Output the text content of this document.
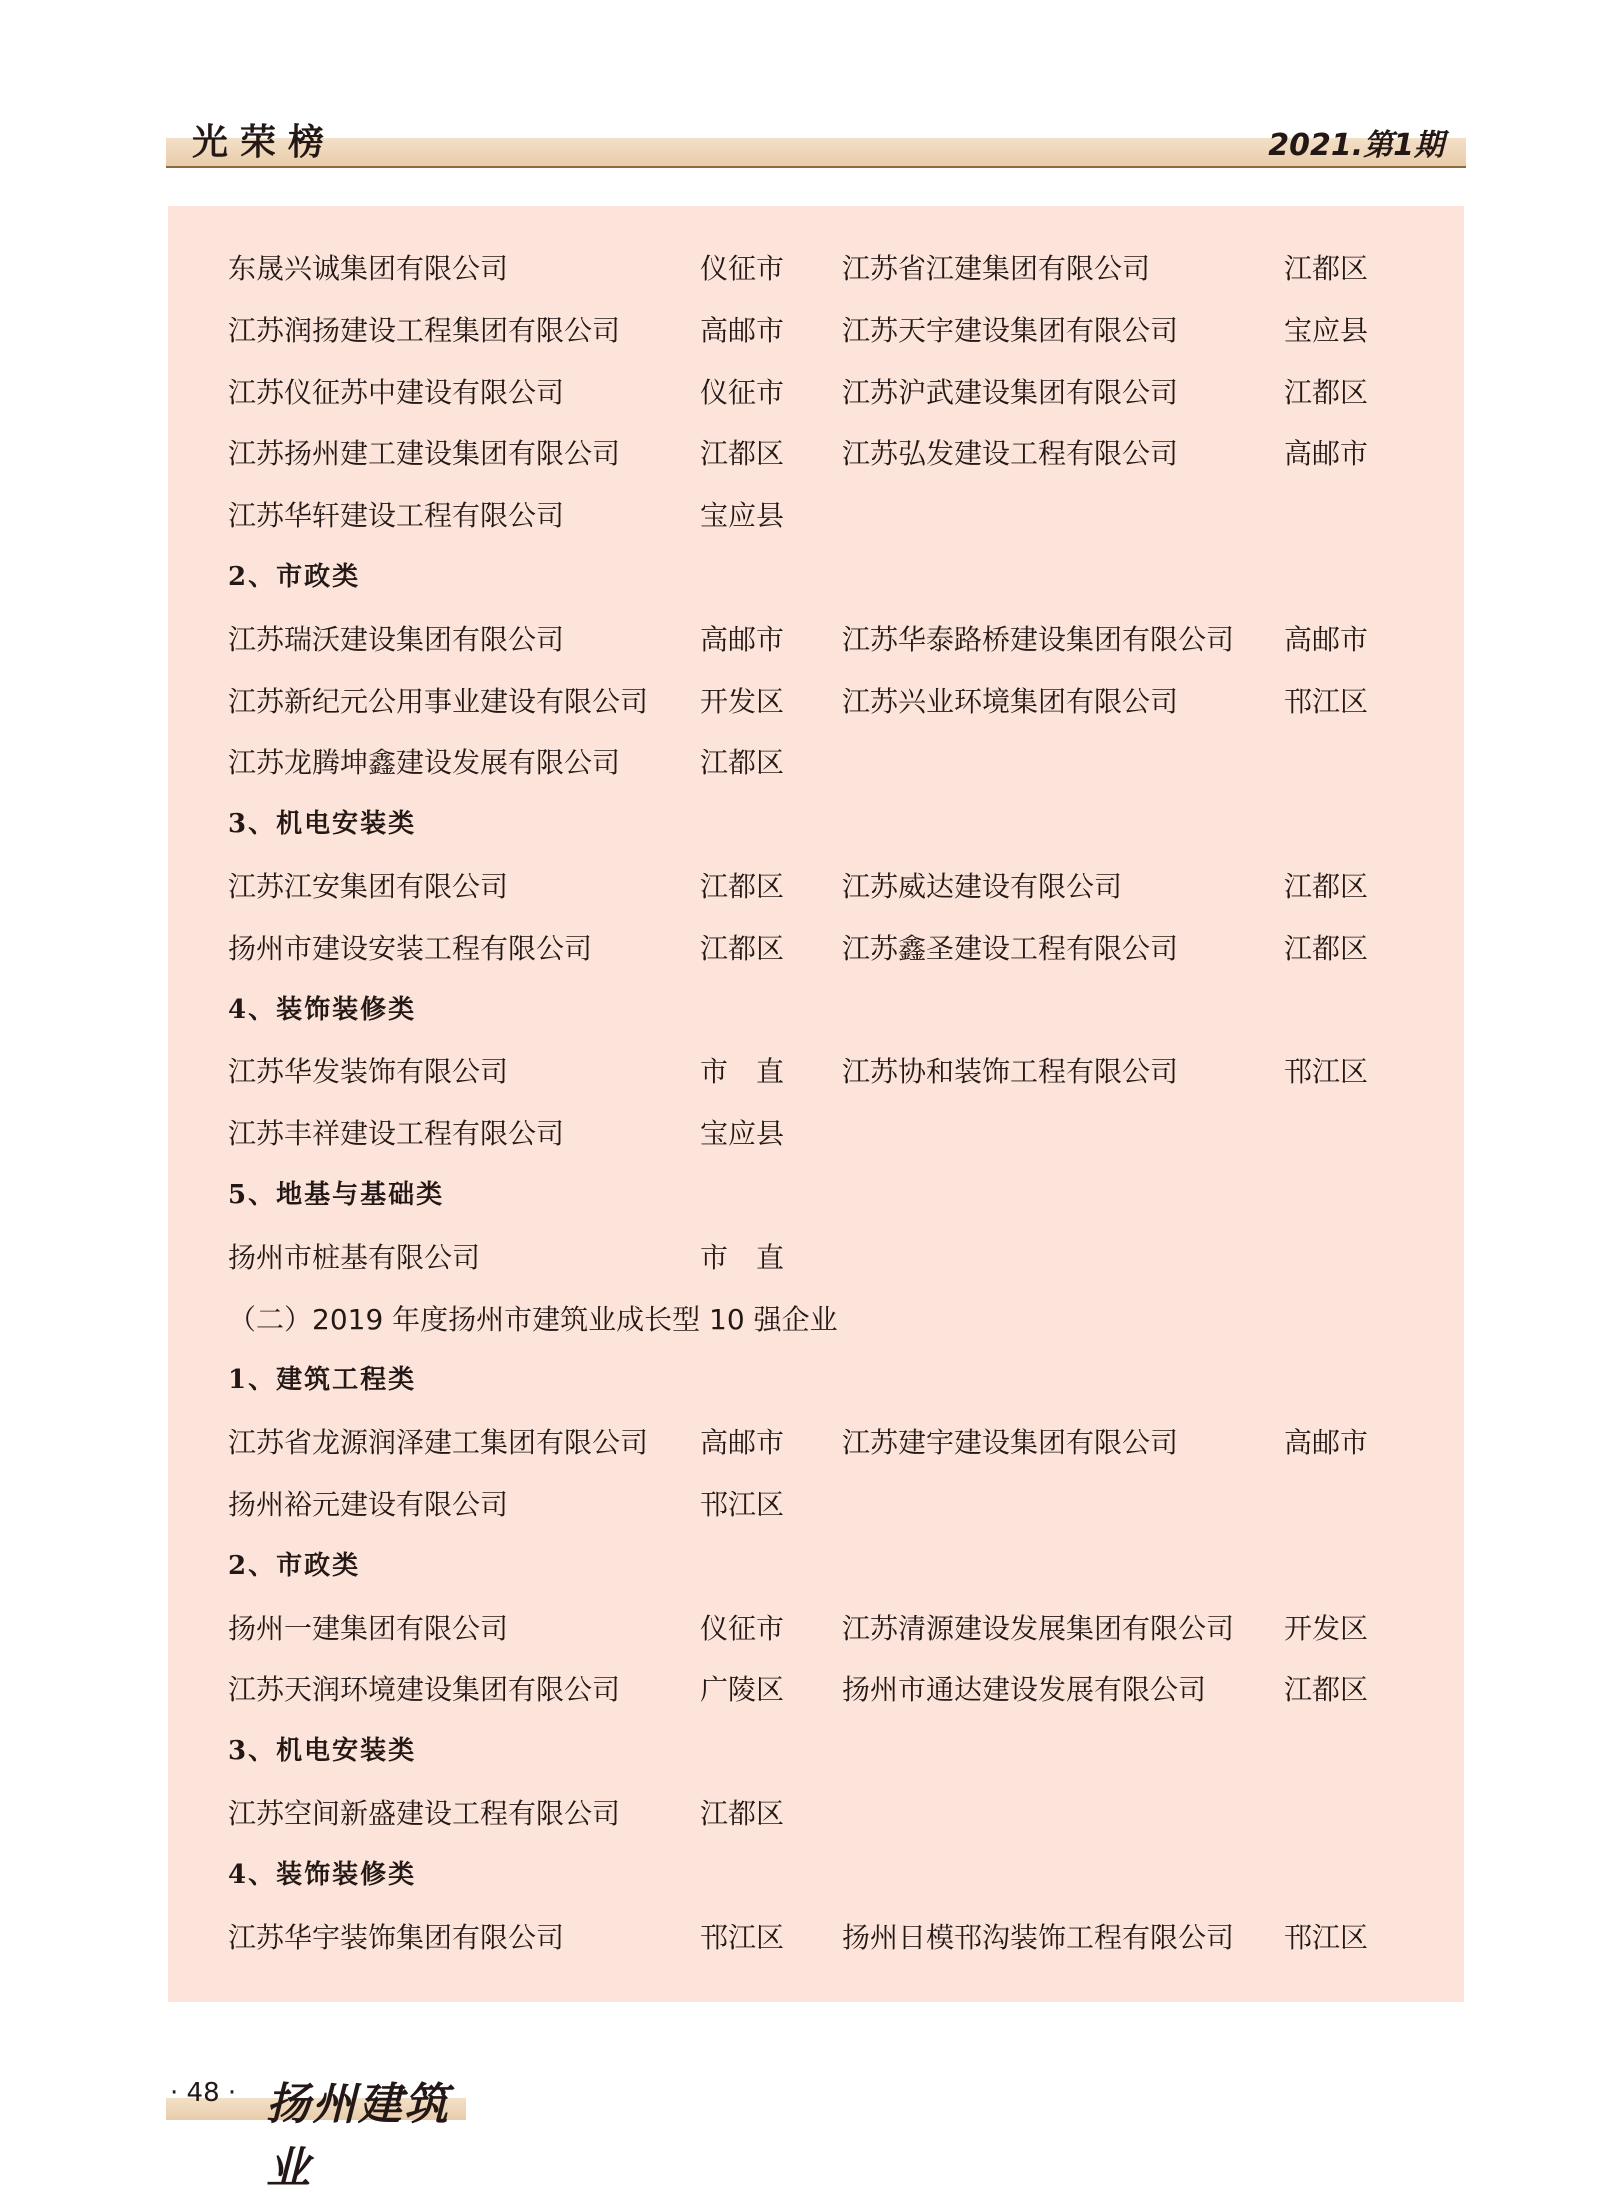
光荣榜	2021.第1期
东晟兴诚集团有限公司	仪征市 江苏省江建集团有限公司	江都区
江苏润扬建设工程集团有限公司	高邮市 江苏天宇建设集团有限公司	宝应县
江苏仪征苏中建设有限公司	仪征市 江苏沪武建设集团有限公司	江都区
江苏扬州建工建设集团有限公司	江都区 江苏弘发建设工程有限公司	高邮市
江苏华轩建设工程有限公司	宝应县
2、市政类
江苏瑞沃建设集团有限公司	高邮市 江苏华泰路桥建设集团有限公司 高邮市
江苏新纪元公用事业建设有限公司 开发区 江苏兴业环境集团有限公司	邗江区
江苏龙腾坤鑫建设发展有限公司	江都区
3、机电安装类
江苏江安集团有限公司	江都区 江苏威达建设有限公司	江都区
扬州市建设安装工程有限公司	江都区 江苏鑫圣建设工程有限公司	江都区
4、装饰装修类
江苏华发装饰有限公司	市　直 江苏协和装饰工程有限公司	邗江区
江苏丰祥建设工程有限公司	宝应县
5、地基与基础类
扬州市桩基有限公司	市　直
（二）2019 年度扬州市建筑业成长型 10 强企业
1、建筑工程类
江苏省龙源润泽建工集团有限公司 高邮市 江苏建宇建设集团有限公司	高邮市
扬州裕元建设有限公司	邗江区
2、市政类
扬州一建集团有限公司	仪征市 江苏清源建设发展集团有限公司 开发区
江苏天润环境建设集团有限公司	广陵区 扬州市通达建设发展有限公司	江都区
3、机电安装类
江苏空间新盛建设工程有限公司	江都区
4、装饰装修类
江苏华宇装饰集团有限公司	邗江区 扬州日模邗沟装饰工程有限公司 邗江区
· 48 · 扬州建筑业
